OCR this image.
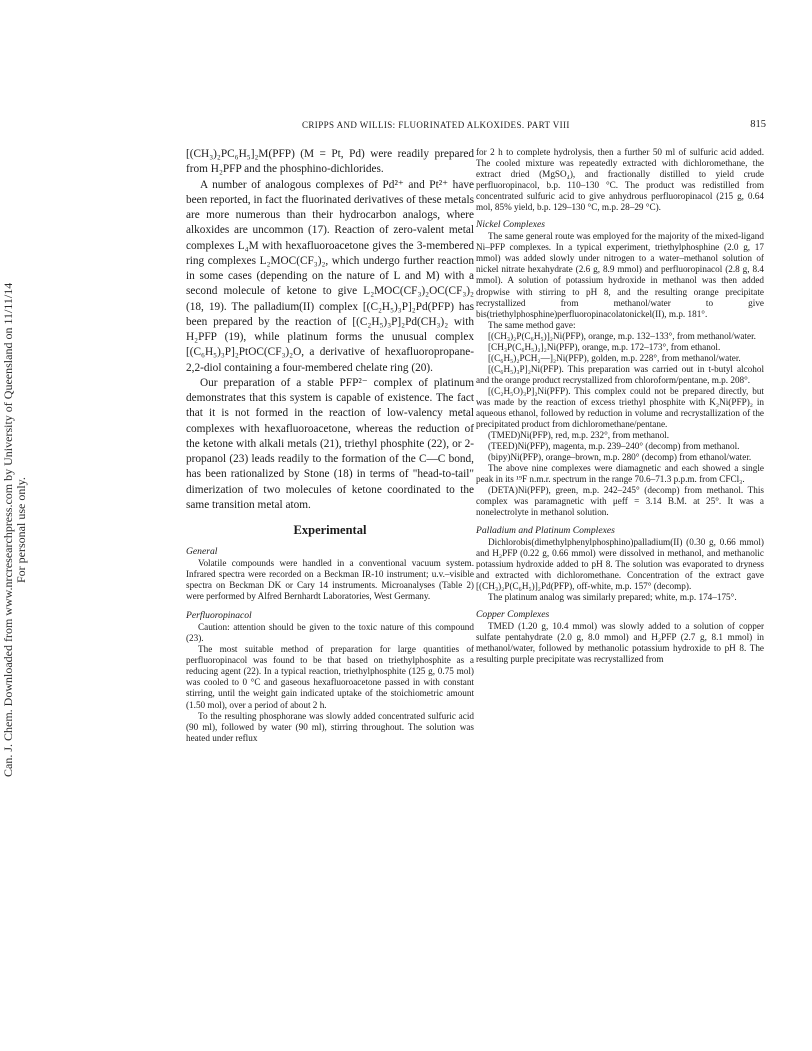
Can. J. Chem. Downloaded from www.nrcresearchpress.com by University of Queensland on 11/11/14 For personal use only.
CRIPPS AND WILLIS: FLUORINATED ALKOXIDES. PART VIII	815

[(CH₃)₂PC₆H₅]₂M(PFP) (M = Pt, Pd) were readily prepared from H₂PFP and the phosphino-dichlorides.

A number of analogous complexes of Pd²⁺ and Pt²⁺ have been reported, in fact the fluorinated derivatives of these metals are more numerous than their hydrocarbon analogs, where alkoxides are uncommon (17). Reaction of zero-valent metal complexes L₄M with hexafluoroacetone gives the 3-membered ring complexes L₂MOC(CF₃)₂, which undergo further reaction in some cases (depending on the nature of L and M) with a second molecule of ketone to give L₂MOC(CF₃)₂OC(CF₃)₂ (18, 19). The palladium(II) complex [(C₂H₅)₃P]₂Pd(PFP) has been prepared by the reaction of [(C₂H₅)₃P]₂Pd(CH₃)₂ with H₂PFP (19), while platinum forms the unusual complex [(C₆H₅)₃P]₂PtOC(CF₃)₂O, a derivative of hexafluoropropane-2,2-diol containing a four-membered chelate ring (20).

Our preparation of a stable PFP²⁻ complex of platinum demonstrates that this system is capable of existence. The fact that it is not formed in the reaction of low-valency metal complexes with hexafluoroacetone, whereas the reduction of the ketone with alkali metals (21), triethyl phosphite (22), or 2-propanol (23) leads readily to the formation of the C—C bond, has been rationalized by Stone (18) in terms of "head-to-tail" dimerization of two molecules of ketone coordinated to the same transition metal atom.

Experimental
General

Volatile compounds were handled in a conventional vacuum system. Infrared spectra were recorded on a Beckman IR-10 instrument; u.v.–visible spectra on Beckman DK or Cary 14 instruments. Microanalyses (Table 2) were performed by Alfred Bernhardt Laboratories, West Germany.

Perfluoropinacol

Caution: attention should be given to the toxic nature of this compound (23).

The most suitable method of preparation for large quantities of perfluoropinacol was found to be that based on triethylphosphite as a reducing agent (22). In a typical reaction, triethylphosphite (125 g, 0.75 mol) was cooled to 0 °C and gaseous hexafluoroacetone passed in with constant stirring, until the weight gain indicated uptake of the stoichiometric amount (1.50 mol), over a period of about 2 h.

To the resulting phosphorane was slowly added concentrated sulfuric acid (90 ml), followed by water (90 ml), stirring throughout. The solution was heated under reflux

for 2 h to complete hydrolysis, then a further 50 ml of sulfuric acid added. The cooled mixture was repeatedly extracted with dichloromethane, the extract dried (MgSO₄), and fractionally distilled to yield crude perfluoropinacol, b.p. 110–130 °C. The product was redistilled from concentrated sulfuric acid to give anhydrous perfluoropinacol (215 g, 0.64 mol, 85% yield, b.p. 129–130 °C, m.p. 28–29 °C).

Nickel Complexes

The same general route was employed for the majority of the mixed-ligand Ni–PFP complexes. In a typical experiment, triethylphosphine (2.0 g, 17 mmol) was added slowly under nitrogen to a water–methanol solution of nickel nitrate hexahydrate (2.6 g, 8.9 mmol) and perfluoropinacol (2.8 g, 8.4 mmol). A solution of potassium hydroxide in methanol was then added dropwise with stirring to pH 8, and the resulting orange precipitate recrystallized from methanol/water to give bis(triethylphosphine)perfluoropinacolatonickel(II), m.p. 181°.

The same method gave:

[(CH₃)₂P(C₆H₅)]₂Ni(PFP), orange, m.p. 132–133°, from methanol/water.

[CH₃P(C₆H₅)₂]₂Ni(PFP), orange, m.p. 172–173°, from ethanol.

[(C₆H₅)₂PCH₂—]₂Ni(PFP), golden, m.p. 228°, from methanol/water.

[(C₆H₅)₃P]₂Ni(PFP). This preparation was carried out in t-butyl alcohol and the orange product recrystallized from chloroform/pentane, m.p. 208°.

[(C₂H₅O)₃P]₂Ni(PFP). This complex could not be prepared directly, but was made by the reaction of excess triethyl phosphite with K₂Ni(PFP)₂ in aqueous ethanol, followed by reduction in volume and recrystallization of the precipitated product from dichloromethane/pentane.

(TMED)Ni(PFP), red, m.p. 232°, from methanol.

(TEED)Ni(PFP), magenta, m.p. 239–240° (decomp) from methanol.

(bipy)Ni(PFP), orange–brown, m.p. 280° (decomp) from ethanol/water.

The above nine complexes were diamagnetic and each showed a single peak in its ¹⁹F n.m.r. spectrum in the range 70.6–71.3 p.p.m. from CFCl₃.

(DETA)Ni(PFP), green, m.p. 242–245° (decomp) from methanol. This complex was paramagnetic with μeff = 3.14 B.M. at 25°. It was a nonelectrolyte in methanol solution.

Palladium and Platinum Complexes

Dichlorobis(dimethylphenylphosphino)palladium(II) (0.30 g, 0.66 mmol) and H₂PFP (0.22 g, 0.66 mmol) were dissolved in methanol, and methanolic potassium hydroxide added to pH 8. The solution was evaporated to dryness and extracted with dichloromethane. Concentration of the extract gave [(CH₃)₂P(C₆H₅)]₂Pd(PFP), off-white, m.p. 157° (decomp).

The platinum analog was similarly prepared; white, m.p. 174–175°.

Copper Complexes

TMED (1.20 g, 10.4 mmol) was slowly added to a solution of copper sulfate pentahydrate (2.0 g, 8.0 mmol) and H₂PFP (2.7 g, 8.1 mmol) in methanol/water, followed by methanolic potassium hydroxide to pH 8. The resulting purple precipitate was recrystallized from
